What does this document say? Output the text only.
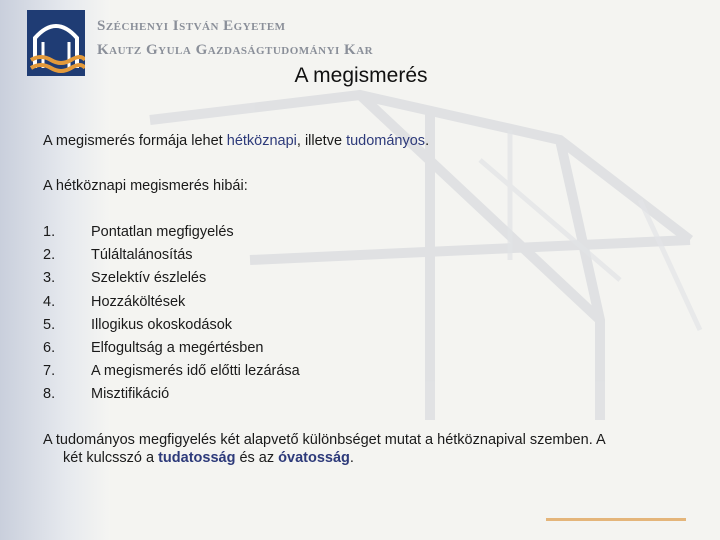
Széchenyi István Egyetem
Kautz Gyula Gazdaságtudományi Kar
A megismerés

A megismerés formája lehet hétköznapi, illetve tudományos.

A hétköznapi megismerés hibái:

1.	Pontatlan megfigyelés
2.	Túláltalánosítás
3.	Szelektív észlelés
4.	Hozzáköltések
5.	Illogikus okoskodások
6.	Elfogultság a megértésben
7.	A megismerés idő előtti lezárása
8.	Misztifikáció

A tudományos megfigyelés két alapvető különbséget mutat a hétköznapival szemben. A
két kulcsszó a tudatosság és az óvatosság.
